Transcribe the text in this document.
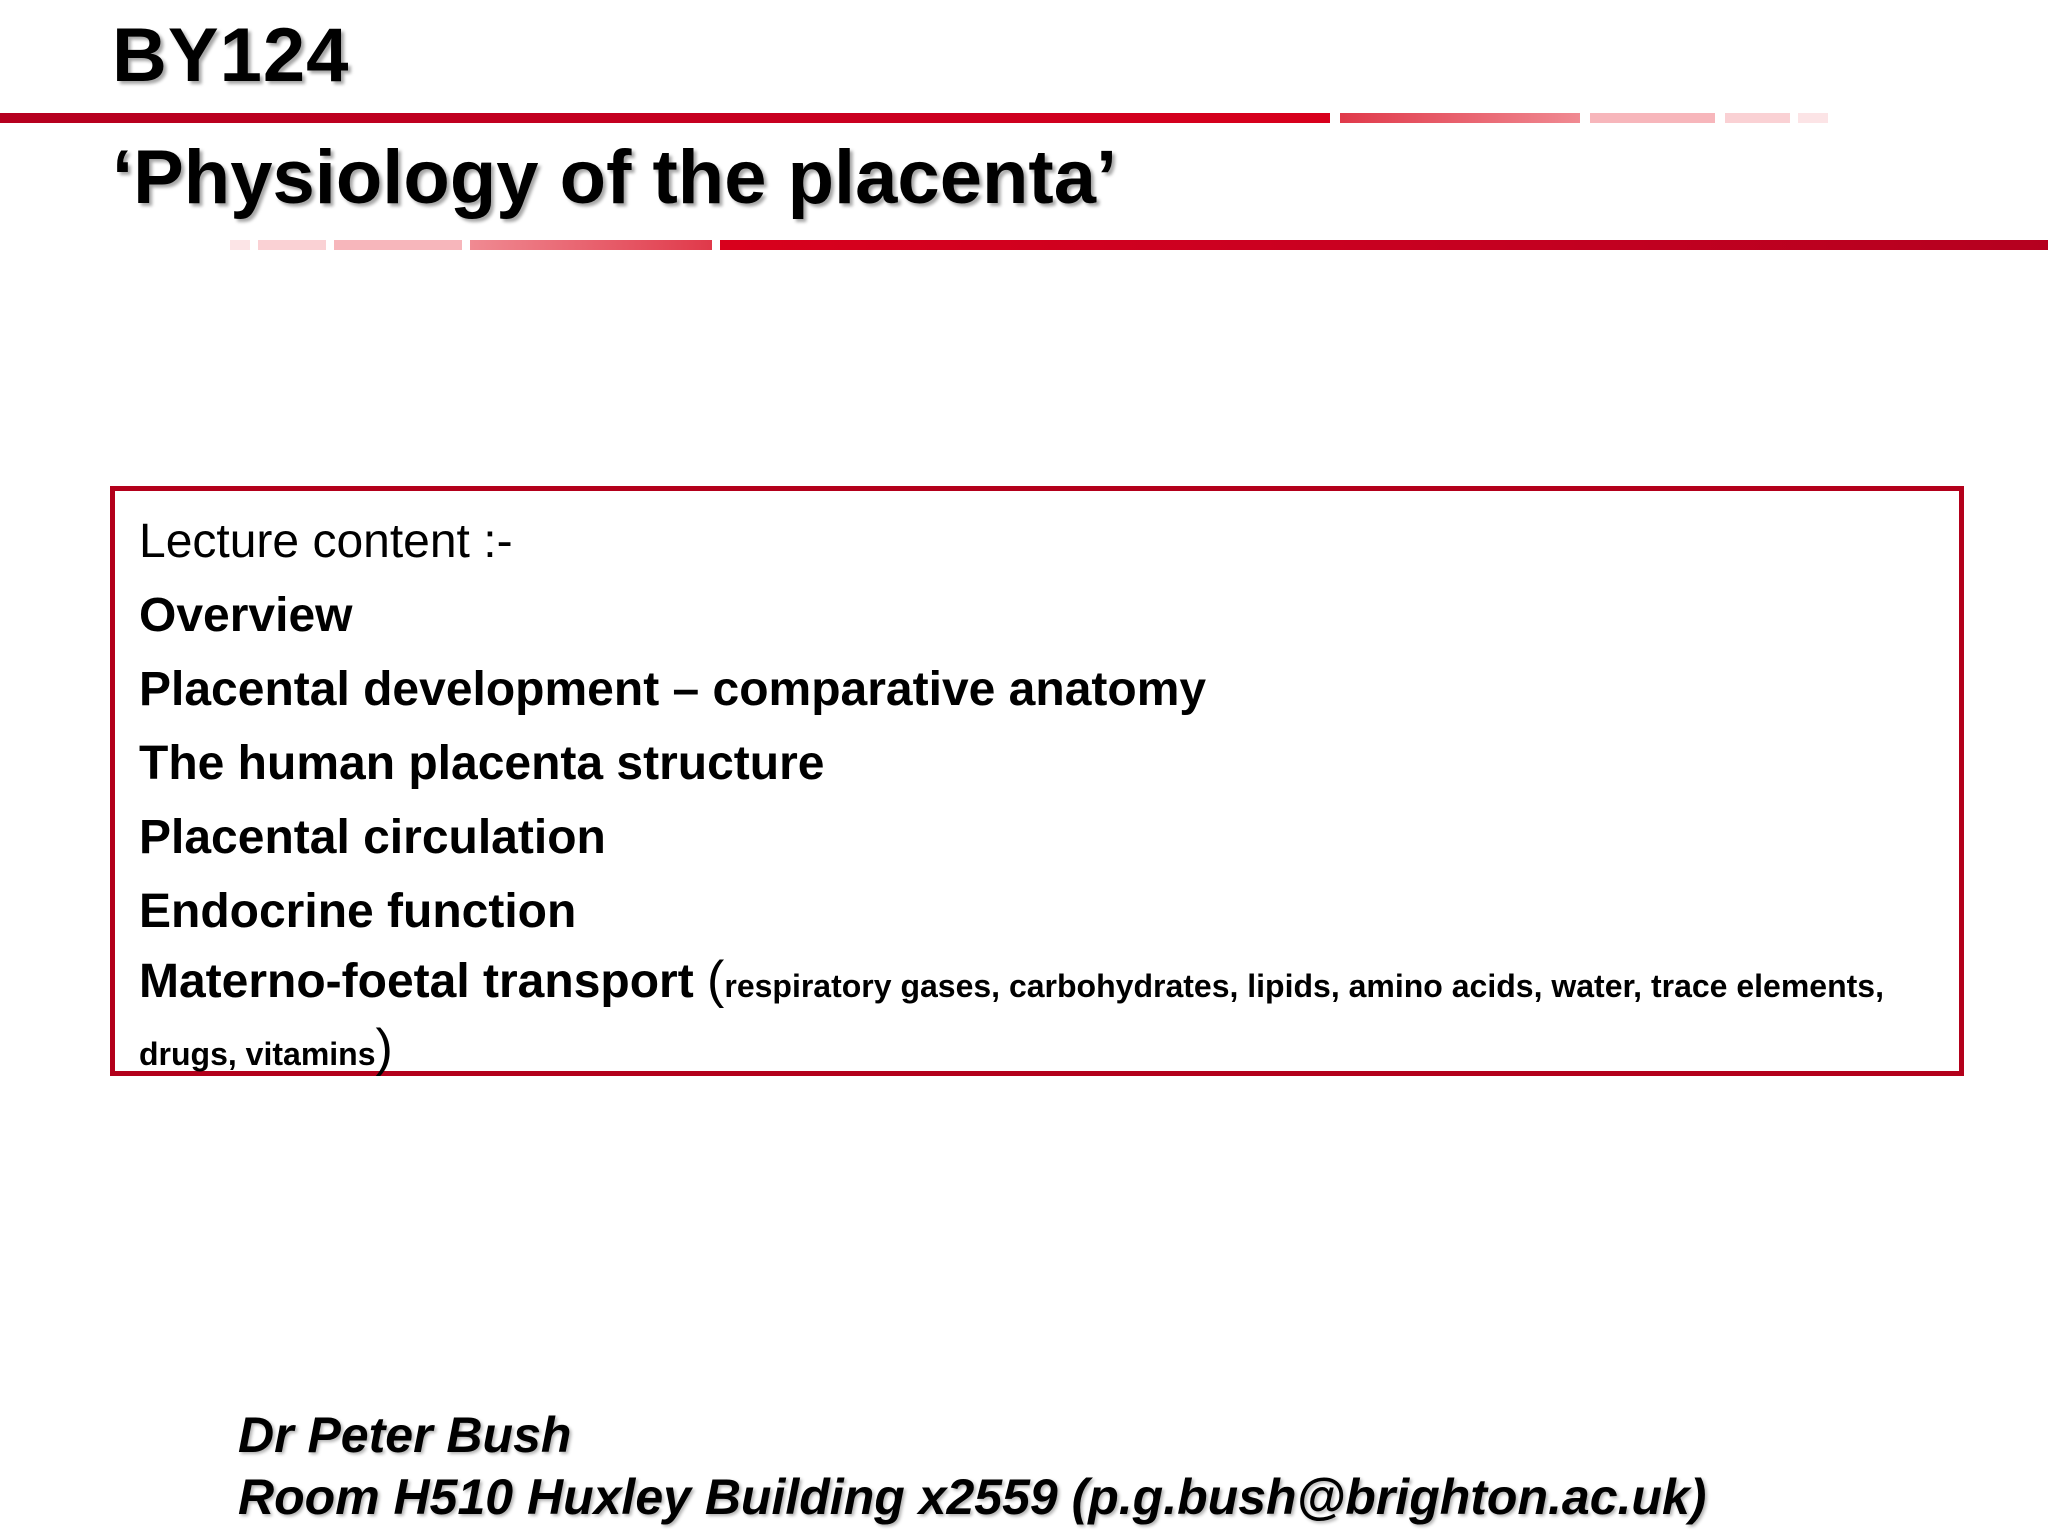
BY124
‘Physiology of the placenta’

Lecture content :-

Overview
Placental development – comparative anatomy
The human placenta structure
Placental circulation
Endocrine function
Materno-foetal transport (respiratory gases, carbohydrates, lipids, amino acids, water, trace elements, drugs, vitamins)
Dr Peter Bush
Room H510 Huxley Building x2559 (p.g.bush@brighton.ac.uk)
